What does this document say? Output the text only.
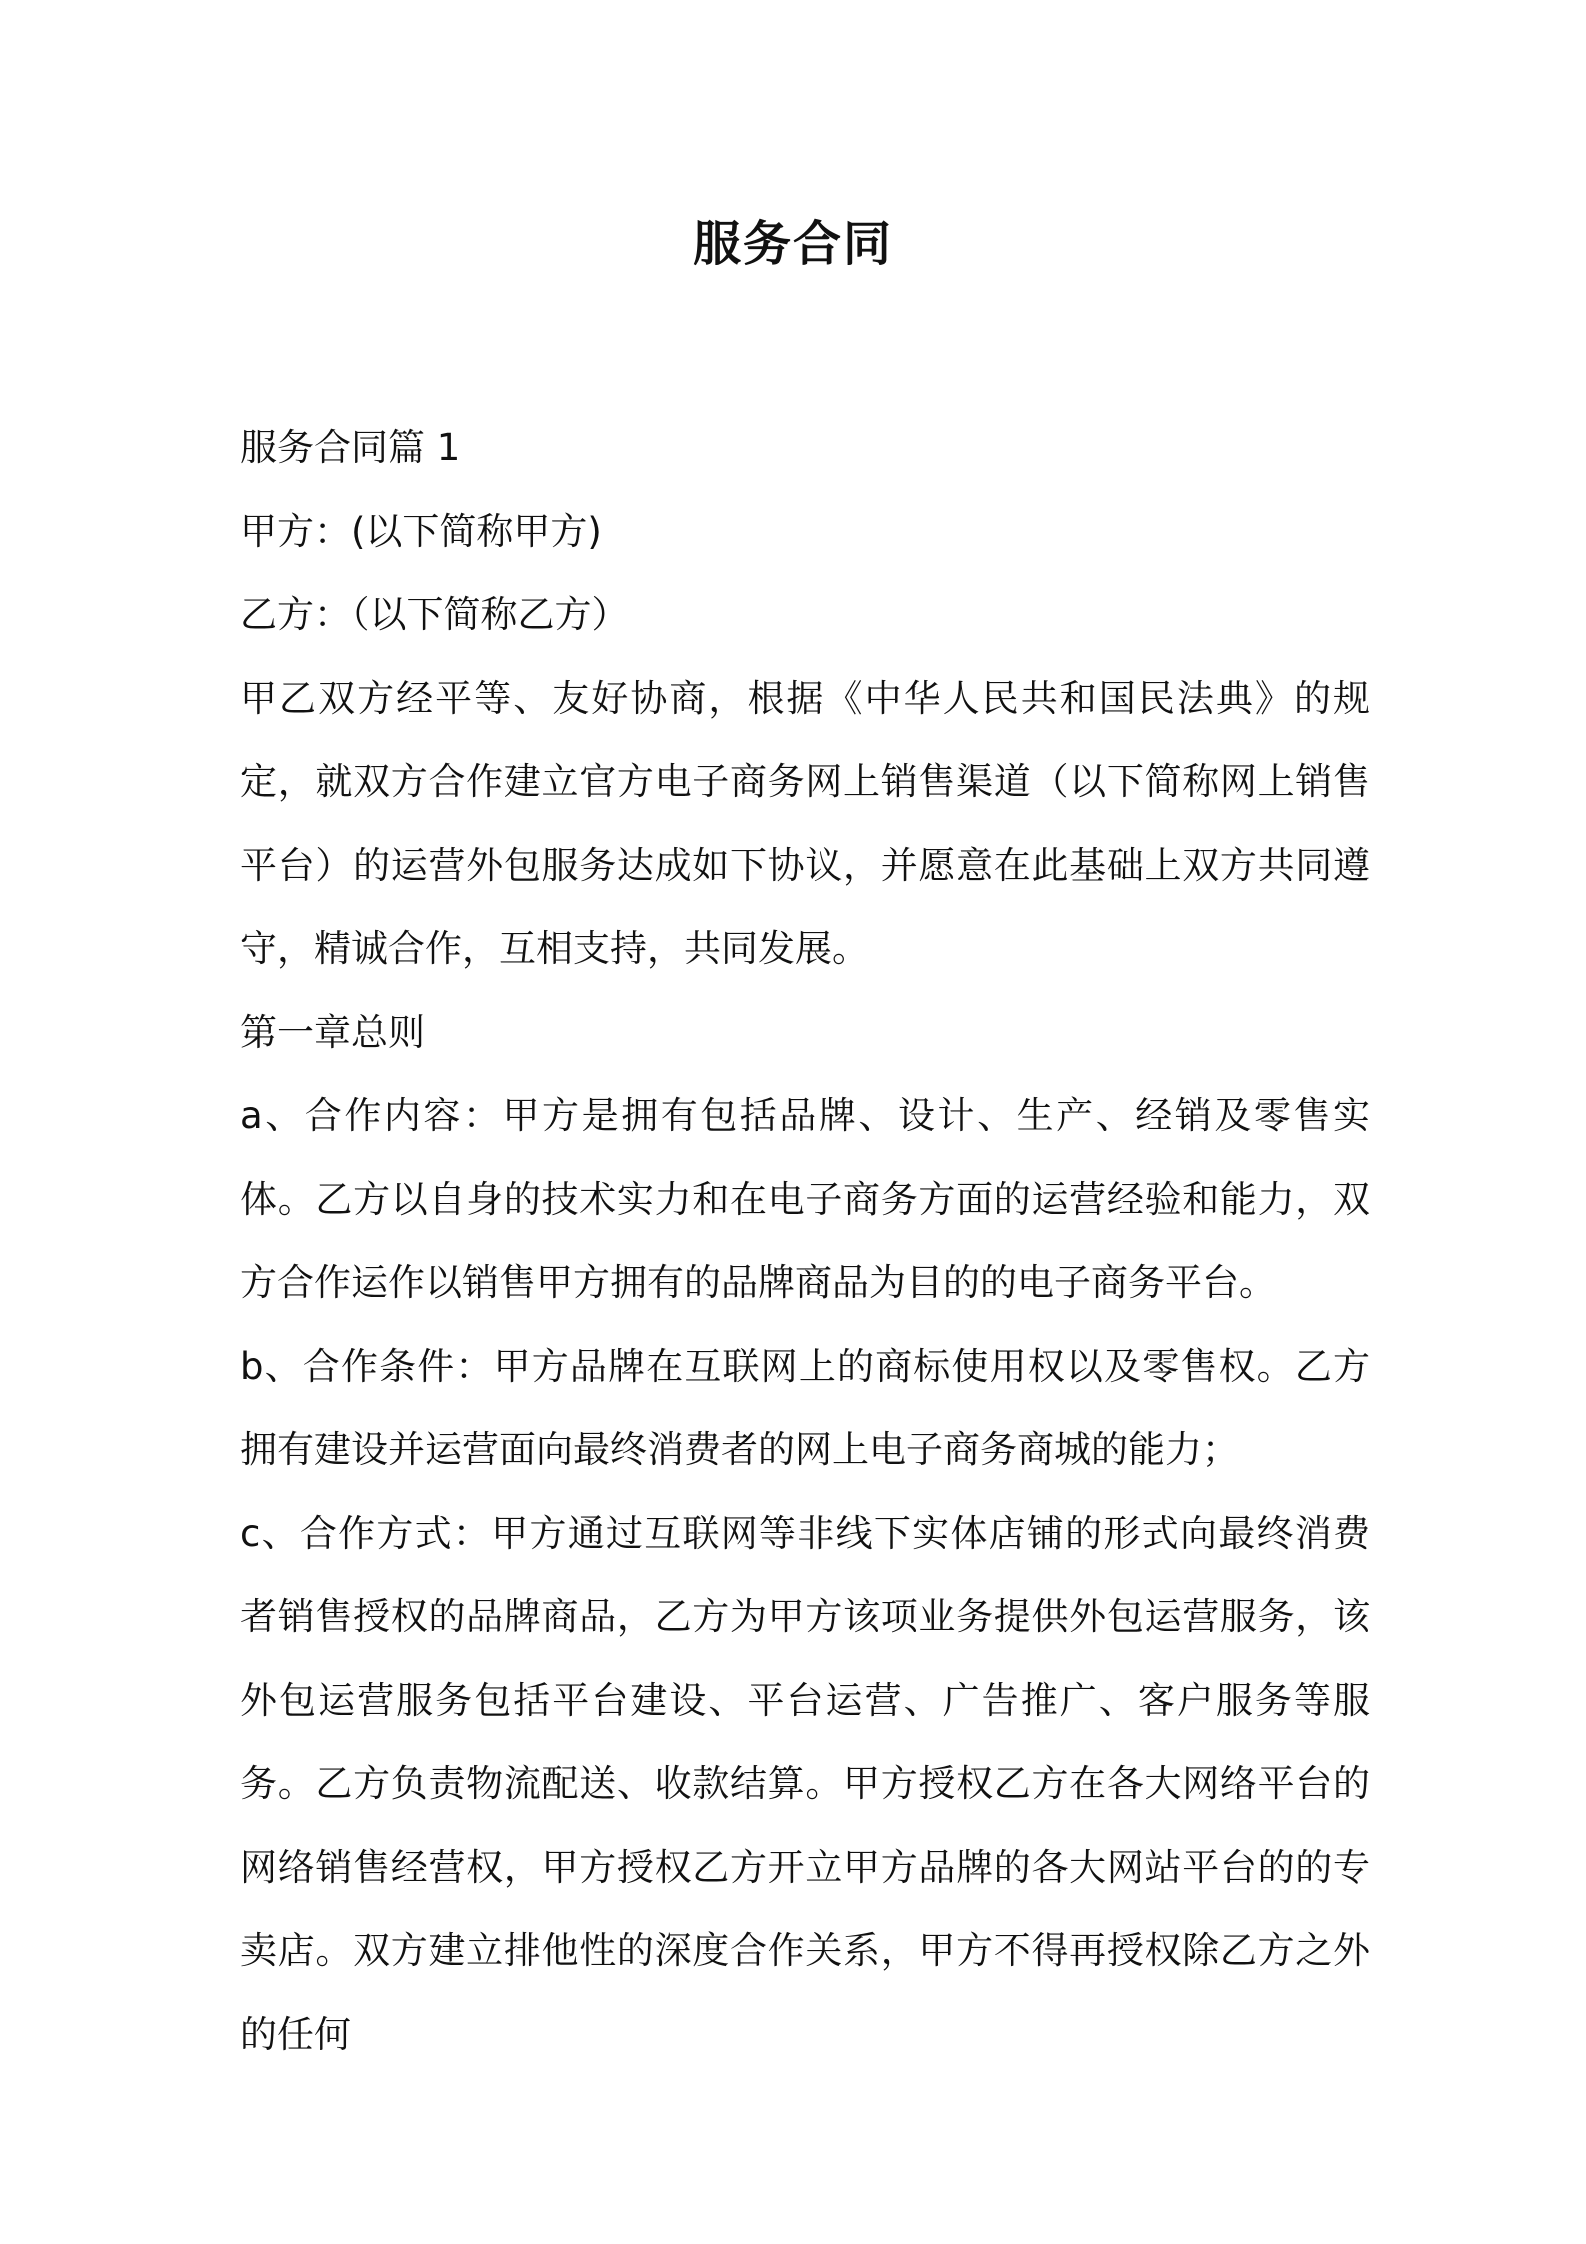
服务合同

服务合同篇 1

甲方：(以下简称甲方)

乙方：（以下简称乙方）

甲乙双方经平等、友好协商，根据《中华人民共和国民法典》的规定，就双方合作建立官方电子商务网上销售渠道（以下简称网上销售平台）的运营外包服务达成如下协议，并愿意在此基础上双方共同遵守，精诚合作，互相支持，共同发展。

第一章总则

a、合作内容：甲方是拥有包括品牌、设计、生产、经销及零售实体。乙方以自身的技术实力和在电子商务方面的运营经验和能力，双方合作运作以销售甲方拥有的品牌商品为目的的电子商务平台。

b、合作条件：甲方品牌在互联网上的商标使用权以及零售权。乙方拥有建设并运营面向最终消费者的网上电子商务商城的能力；

c、合作方式：甲方通过互联网等非线下实体店铺的形式向最终消费者销售授权的品牌商品，乙方为甲方该项业务提供外包运营服务，该外包运营服务包括平台建设、平台运营、广告推广、客户服务等服务。乙方负责物流配送、收款结算。甲方授权乙方在各大网络平台的网络销售经营权，甲方授权乙方开立甲方品牌的各大网站平台的的专卖店。双方建立排他性的深度合作关系，甲方不得再授权除乙方之外的任何
